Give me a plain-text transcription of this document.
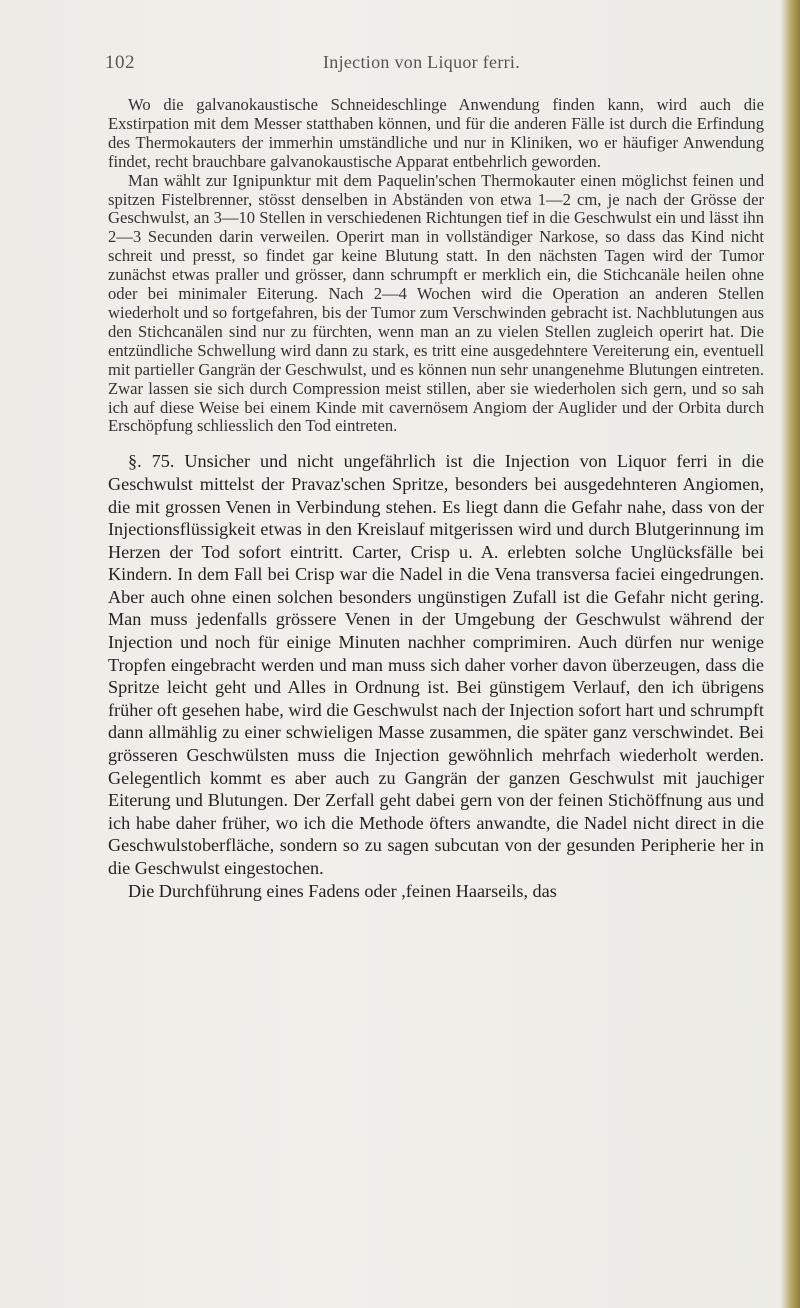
102	Injection von Liquor ferri.

Wo die galvanokaustische Schneideschlinge Anwendung finden kann, wird auch die Exstirpation mit dem Messer statthaben können, und für die anderen Fälle ist durch die Erfindung des Thermokauters der immerhin umständliche und nur in Kliniken, wo er häufiger Anwendung findet, recht brauchbare galvanokaustische Apparat entbehrlich geworden.

Man wählt zur Ignipunktur mit dem Paquelin'schen Thermokauter einen möglichst feinen und spitzen Fistelbrenner, stösst denselben in Abständen von etwa 1—2 cm, je nach der Grösse der Geschwulst, an 3—10 Stellen in verschiedenen Richtungen tief in die Geschwulst ein und lässt ihn 2—3 Secunden darin verweilen. Operirt man in vollständiger Narkose, so dass das Kind nicht schreit und presst, so findet gar keine Blutung statt. In den nächsten Tagen wird der Tumor zunächst etwas praller und grösser, dann schrumpft er merklich ein, die Stichcanäle heilen ohne oder bei minimaler Eiterung. Nach 2—4 Wochen wird die Operation an anderen Stellen wiederholt und so fortgefahren, bis der Tumor zum Verschwinden gebracht ist. Nachblutungen aus den Stichcanälen sind nur zu fürchten, wenn man an zu vielen Stellen zugleich operirt hat. Die entzündliche Schwellung wird dann zu stark, es tritt eine ausgedehntere Vereiterung ein, eventuell mit partieller Gangrän der Geschwulst, und es können nun sehr unangenehme Blutungen eintreten. Zwar lassen sie sich durch Compression meist stillen, aber sie wiederholen sich gern, und so sah ich auf diese Weise bei einem Kinde mit cavernösem Angiom der Auglider und der Orbita durch Erschöpfung schliesslich den Tod eintreten.

§. 75. Unsicher und nicht ungefährlich ist die Injection von Liquor ferri in die Geschwulst mittelst der Pravaz'schen Spritze, besonders bei ausgedehnteren Angiomen, die mit grossen Venen in Verbindung stehen. Es liegt dann die Gefahr nahe, dass von der Injectionsflüssigkeit etwas in den Kreislauf mitgerissen wird und durch Blutgerinnung im Herzen der Tod sofort eintritt. Carter, Crisp u. A. erlebten solche Unglücksfälle bei Kindern. In dem Fall bei Crisp war die Nadel in die Vena transversa faciei eingedrungen. Aber auch ohne einen solchen besonders ungünstigen Zufall ist die Gefahr nicht gering. Man muss jedenfalls grössere Venen in der Umgebung der Geschwulst während der Injection und noch für einige Minuten nachher comprimiren. Auch dürfen nur wenige Tropfen eingebracht werden und man muss sich daher vorher davon überzeugen, dass die Spritze leicht geht und Alles in Ordnung ist. Bei günstigem Verlauf, den ich übrigens früher oft gesehen habe, wird die Geschwulst nach der Injection sofort hart und schrumpft dann allmählig zu einer schwieligen Masse zusammen, die später ganz verschwindet. Bei grösseren Geschwülsten muss die Injection gewöhnlich mehrfach wiederholt werden. Gelegentlich kommt es aber auch zu Gangrän der ganzen Geschwulst mit jauchiger Eiterung und Blutungen. Der Zerfall geht dabei gern von der feinen Stichöffnung aus und ich habe daher früher, wo ich die Methode öfters anwandte, die Nadel nicht direct in die Geschwulstoberfläche, sondern so zu sagen subcutan von der gesunden Peripherie her in die Geschwulst eingestochen.

Die Durchführung eines Fadens oder ,feinen Haarseils, das
